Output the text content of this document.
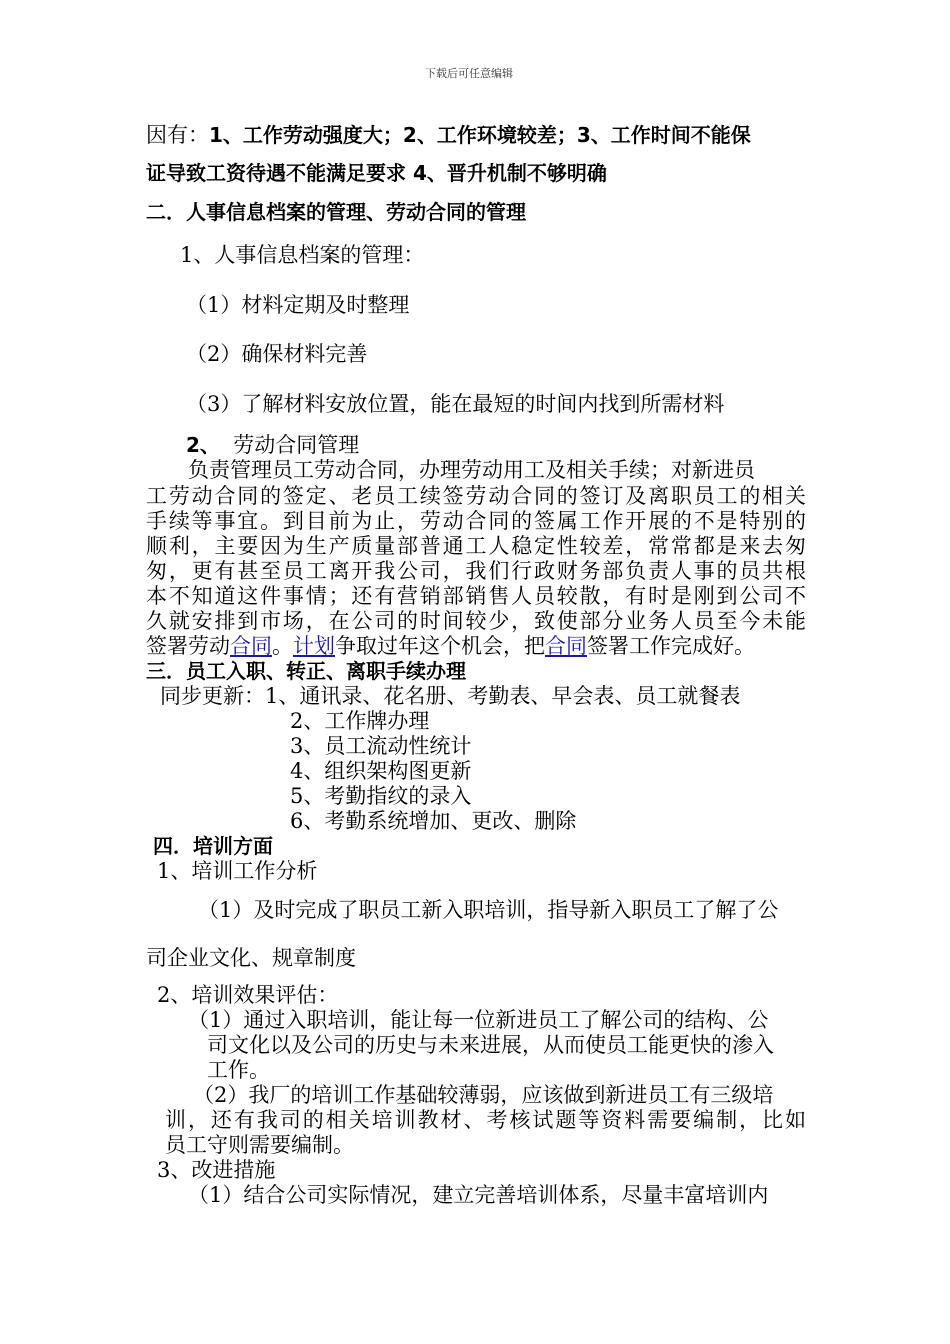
下载后可任意编辑
因有：1、工作劳动强度大；2、工作环境较差；3、工作时间不能保
证导致工资待遇不能满足要求 4、晋升机制不够明确
二．人事信息档案的管理、劳动合同的管理
1、人事信息档案的管理：
（1）材料定期及时整理
（2）确保材料完善
（3）了解材料安放位置，能在最短的时间内找到所需材料
2、 劳动合同管理
负责管理员工劳动合同，办理劳动用工及相关手续；对新进员
工劳动合同的签定、老员工续签劳动合同的签订及离职员工的相关
手续等事宜。到目前为止，劳动合同的签属工作开展的不是特别的
顺利，主要因为生产质量部普通工人稳定性较差，常常都是来去匆
匆，更有甚至员工离开我公司，我们行政财务部负责人事的员共根
本不知道这件事情；还有营销部销售人员较散，有时是刚到公司不
久就安排到市场，在公司的时间较少，致使部分业务人员至今未能
签署劳动合同。计划争取过年这个机会，把合同签署工作完成好。
三．员工入职、转正、离职手续办理
同步更新：1、通讯录、花名册、考勤表、早会表、员工就餐表
2、工作牌办理
3、员工流动性统计
4、组织架构图更新
5、考勤指纹的录入
6、考勤系统增加、更改、删除
四．培训方面
1、培训工作分析
（1）及时完成了职员工新入职培训，指导新入职员工了解了公
司企业文化、规章制度
2、培训效果评估：
（1）通过入职培训，能让每一位新进员工了解公司的结构、公
司文化以及公司的历史与未来进展，从而使员工能更快的渗入
工作。
（2）我厂的培训工作基础较薄弱，应该做到新进员工有三级培
训，还有我司的相关培训教材、考核试题等资料需要编制，比如
员工守则需要编制。
3、改进措施
（1）结合公司实际情况，建立完善培训体系，尽量丰富培训内
